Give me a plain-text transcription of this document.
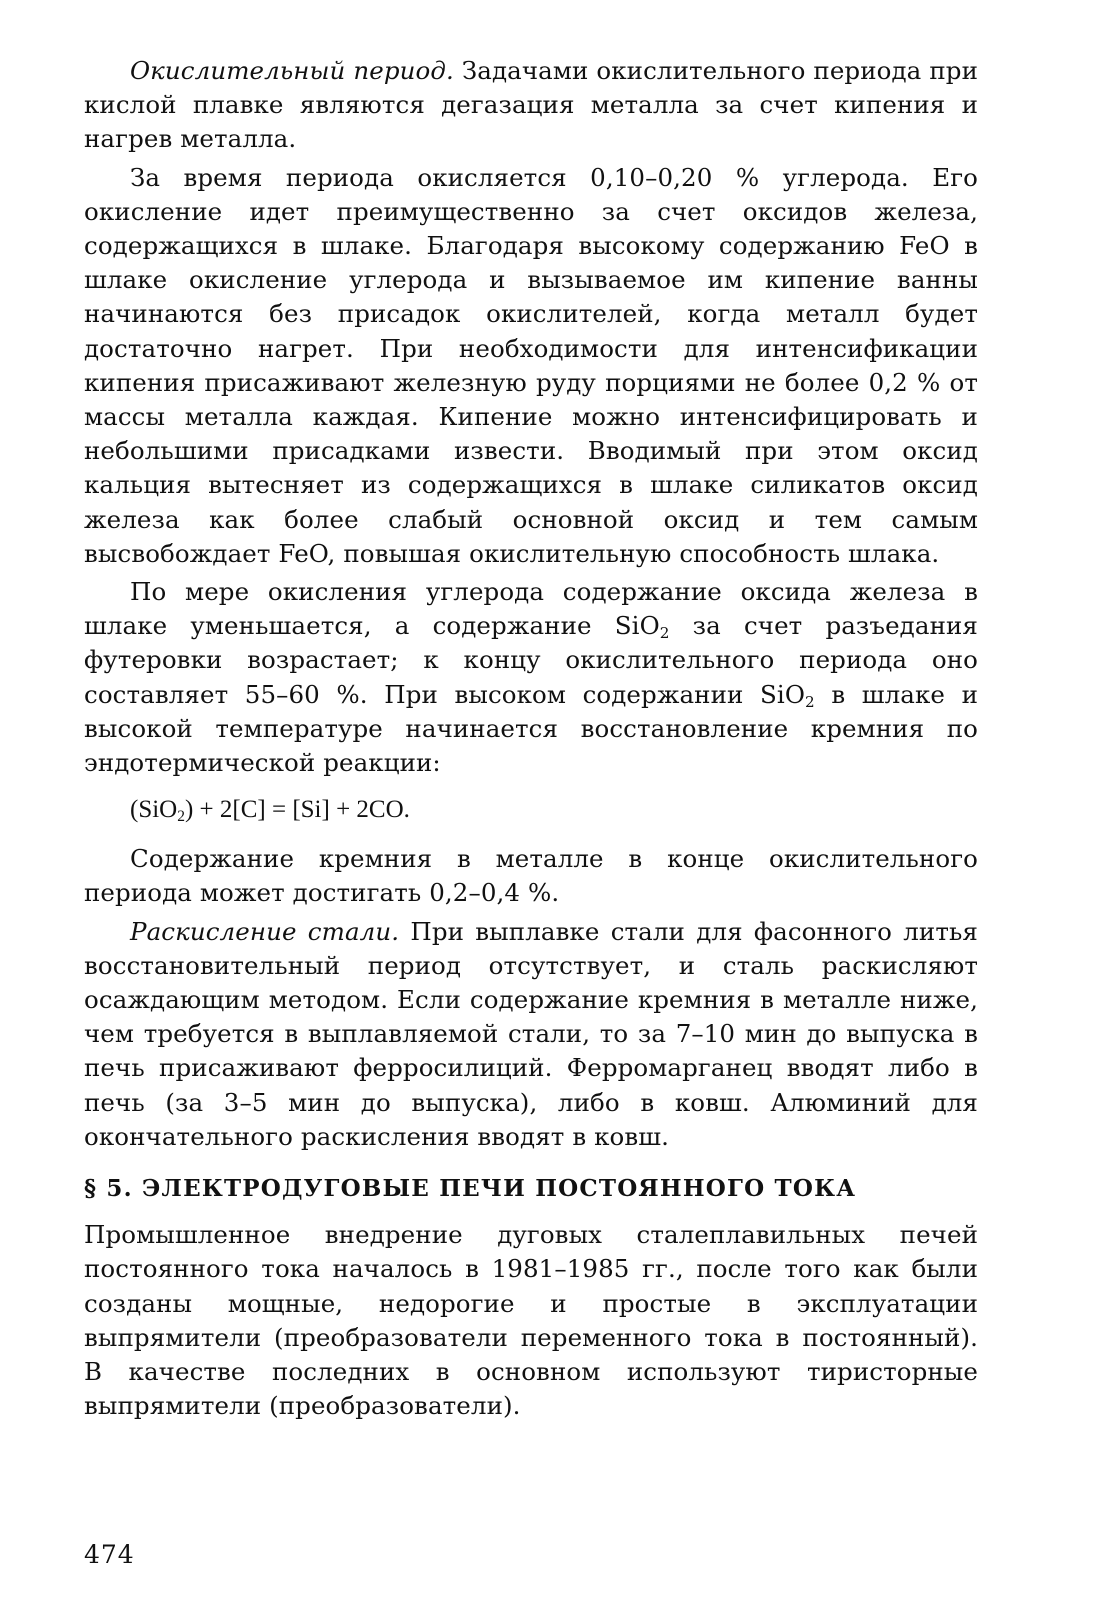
Окислительный период. Задачами окислительного периода при кислой плавке являются дегазация металла за счет кипения и нагрев металла.

За время периода окисляется 0,10–0,20 % углерода. Его окисление идет преимущественно за счет оксидов железа, содержащихся в шлаке. Благодаря высокому содержанию FeO в шлаке окисление углерода и вызываемое им кипение ванны начинаются без присадок окислителей, когда металл будет достаточно нагрет. При необходимости для интенсификации кипения присаживают железную руду порциями не более 0,2 % от массы металла каждая. Кипение можно интенсифицировать и небольшими присадками извести. Вводимый при этом оксид кальция вытесняет из содержащихся в шлаке силикатов оксид железа как более слабый основной оксид и тем самым высвобождает FeO, повышая окислительную способность шлака.

По мере окисления углерода содержание оксида железа в шлаке уменьшается, а содержание SiO$_2$ за счет разъедания футеровки возрастает; к концу окислительного периода оно составляет 55–60 %. При высоком содержании SiO$_2$ в шлаке и высокой температуре начинается восстановление кремния по эндотермической реакции:

(SiO$_2$) + 2[C] = [Si] + 2CO.

Содержание кремния в металле в конце окислительного периода может достигать 0,2–0,4 %.

Раскисление стали. При выплавке стали для фасонного литья восстановительный период отсутствует, и сталь раскисляют осаждающим методом. Если содержание кремния в металле ниже, чем требуется в выплавляемой стали, то за 7–10 мин до выпуска в печь присаживают ферросилиций. Ферромарганец вводят либо в печь (за 3–5 мин до выпуска), либо в ковш. Алюминий для окончательного раскисления вводят в ковш.

§ 5. ЭЛЕКТРОДУГОВЫЕ ПЕЧИ ПОСТОЯННОГО ТОКА

Промышленное внедрение дуговых сталеплавильных печей постоянного тока началось в 1981–1985 гг., после того как были созданы мощные, недорогие и простые в эксплуатации выпрямители (преобразователи переменного тока в постоянный). В качестве последних в основном используют тиристорные выпрямители (преобразователи).

474
